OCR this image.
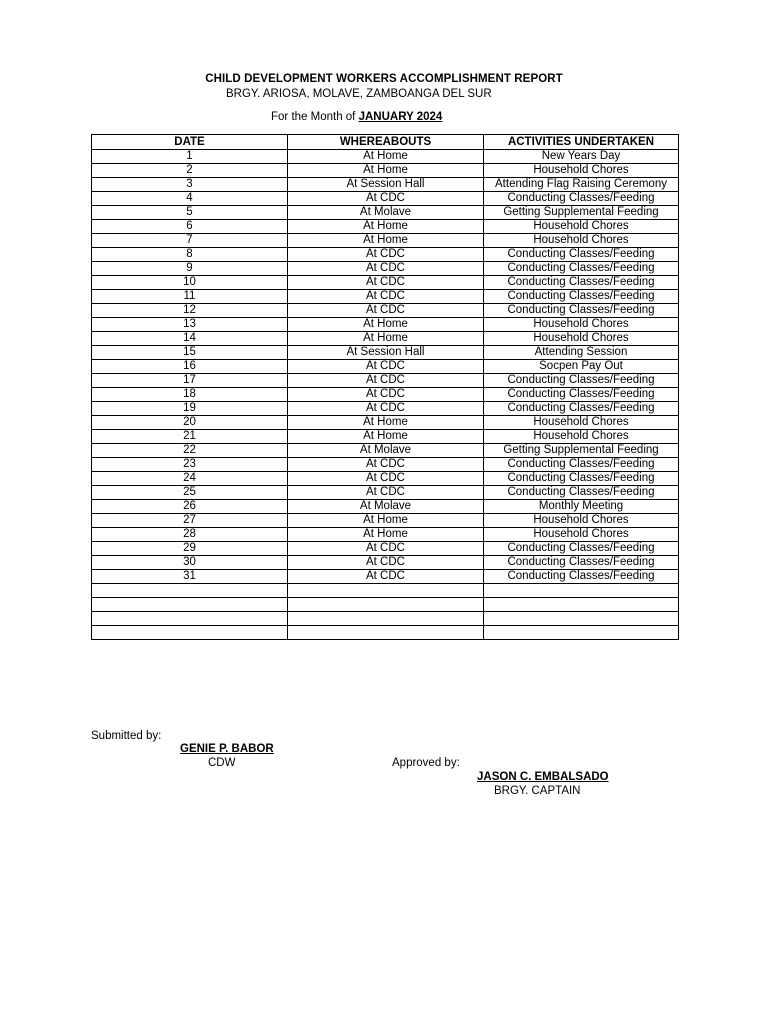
CHILD DEVELOPMENT WORKERS ACCOMPLISHMENT REPORT
BRGY. ARIOSA, MOLAVE, ZAMBOANGA DEL SUR
For the Month of JANUARY 2024
DATE	WHEREABOUTS	ACTIVITIES UNDERTAKEN
1	At Home	New Years Day
2	At Home	Household Chores
3	At Session Hall	Attending Flag Raising Ceremony
4	At CDC	Conducting Classes/Feeding
5	At Molave	Getting Supplemental Feeding
6	At Home	Household Chores
7	At Home	Household Chores
8	At CDC	Conducting Classes/Feeding
9	At CDC	Conducting Classes/Feeding
10	At CDC	Conducting Classes/Feeding
11	At CDC	Conducting Classes/Feeding
12	At CDC	Conducting Classes/Feeding
13	At Home	Household Chores
14	At Home	Household Chores
15	At Session Hall	Attending Session
16	At CDC	Socpen Pay Out
17	At CDC	Conducting Classes/Feeding
18	At CDC	Conducting Classes/Feeding
19	At CDC	Conducting Classes/Feeding
20	At Home	Household Chores
21	At Home	Household Chores
22	At Molave	Getting Supplemental Feeding
23	At CDC	Conducting Classes/Feeding
24	At CDC	Conducting Classes/Feeding
25	At CDC	Conducting Classes/Feeding
26	At Molave	Monthly Meeting
27	At Home	Household Chores
28	At Home	Household Chores
29	At CDC	Conducting Classes/Feeding
30	At CDC	Conducting Classes/Feeding
31	At CDC	Conducting Classes/Feeding

Submitted by:
GENIE P. BABOR
CDW	Approved by:
JASON C. EMBALSADO
BRGY. CAPTAIN
